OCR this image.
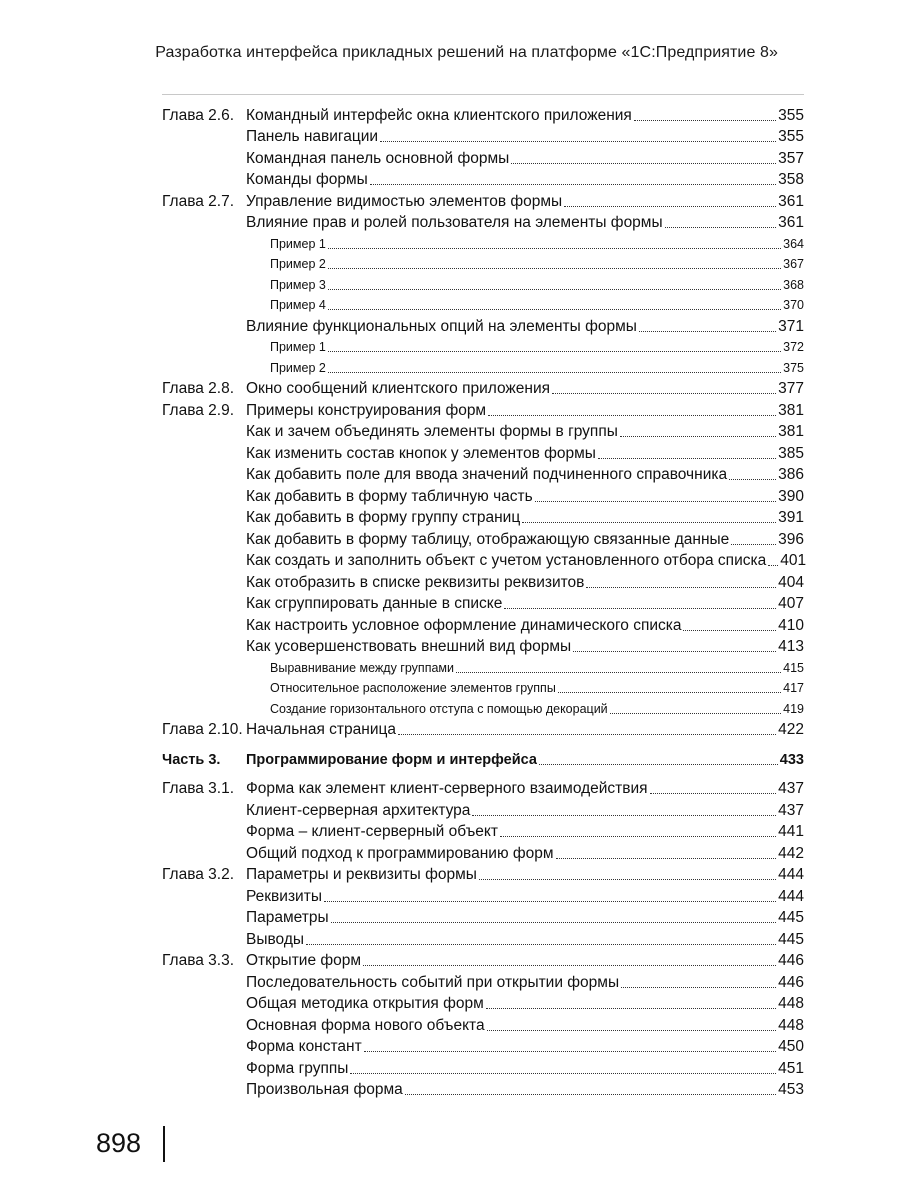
Разработка интерфейса прикладных решений на платформе «1С:Предприятие 8»
Глава 2.6. Командный интерфейс окна клиентского приложения	355
Панель навигации	355
Командная панель основной формы	357
Команды формы	358
Глава 2.7. Управление видимостью элементов формы	361
Влияние прав и ролей пользователя на элементы формы	361
Пример 1	364
Пример 2	367
Пример 3	368
Пример 4	370
Влияние функциональных опций на элементы формы	371
Пример 1	372
Пример 2	375
Глава 2.8. Окно сообщений клиентского приложения	377
Глава 2.9. Примеры конструирования форм	381
Как и зачем объединять элементы формы в группы	381
Как изменить состав кнопок у элементов формы	385
Как добавить поле для ввода значений подчиненного справочника	386
Как добавить в форму табличную часть	390
Как добавить в форму группу страниц	391
Как добавить в форму таблицу, отображающую связанные данные	396
Как создать и заполнить объект с учетом установленного отбора списка 401
Как отобразить в списке реквизиты реквизитов	404
Как сгруппировать данные в списке	407
Как настроить условное оформление динамического списка	410
Как усовершенствовать внешний вид формы	413
Выравнивание между группами	415
Относительное расположение элементов группы	417
Создание горизонтального отступа с помощью декораций	419
Глава 2.10. Начальная страница	422
Часть 3.	Программирование форм и интерфейса	433
Глава 3.1. Форма как элемент клиент-серверного взаимодействия	437
Клиент-серверная архитектура	437
Форма – клиент-серверный объект	441
Общий подход к программированию форм	442
Глава 3.2. Параметры и реквизиты формы	444
Реквизиты	444
Параметры	445
Выводы	445
Глава 3.3. Открытие форм	446
Последовательность событий при открытии формы	446
Общая методика открытия форм	448
Основная форма нового объекта	448
Форма констант	450
Форма группы	451
Произвольная форма	453
898
